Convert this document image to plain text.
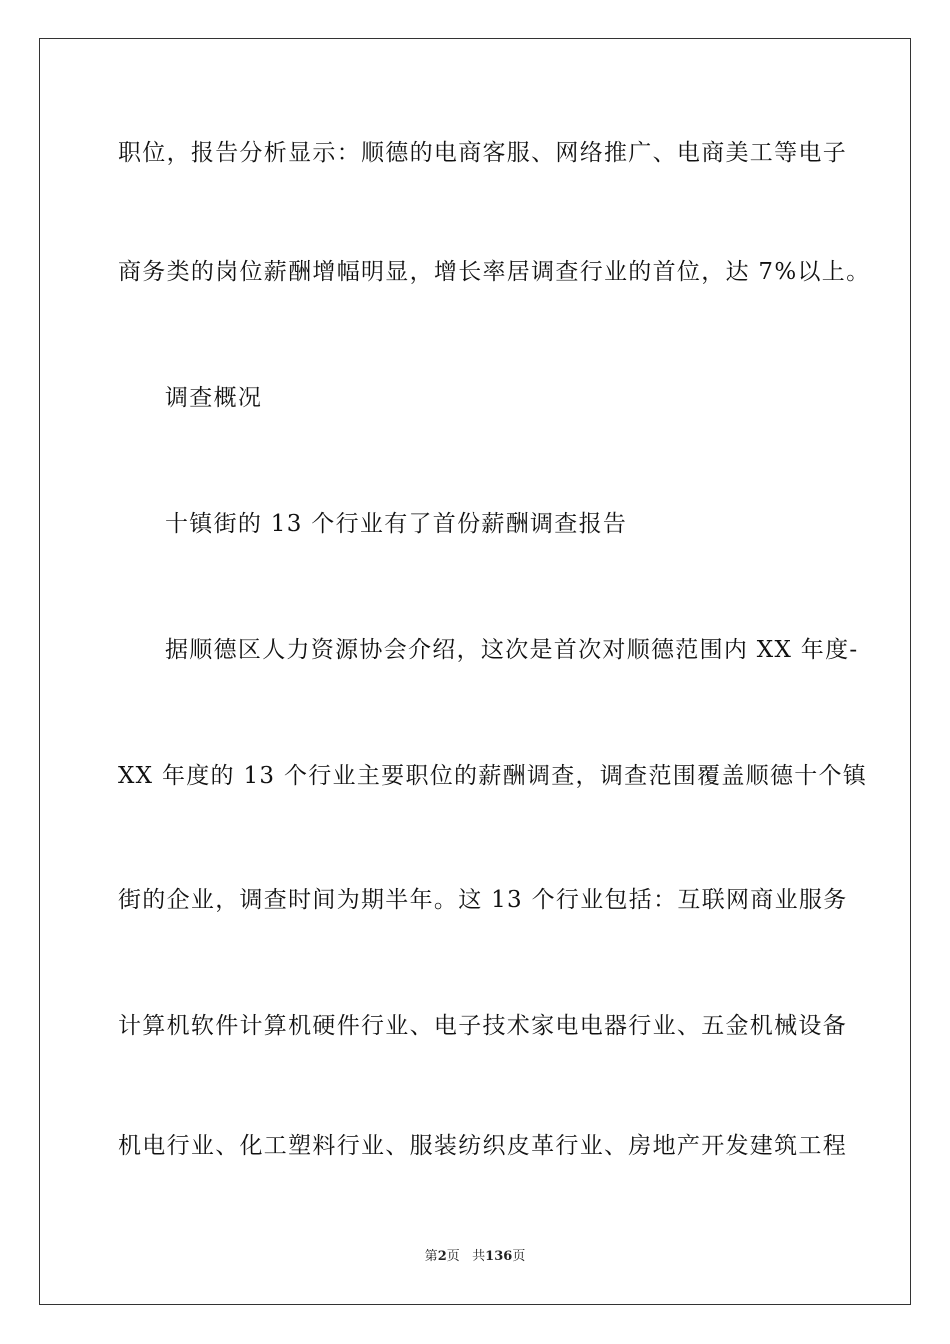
职位，报告分析显示：顺德的电商客服、网络推广、电商美工等电子
商务类的岗位薪酬增幅明显，增长率居调查行业的首位，达 7%以上。
调查概况
十镇街的 13 个行业有了首份薪酬调查报告
据顺德区人力资源协会介绍，这次是首次对顺德范围内 XX 年度-
XX 年度的 13 个行业主要职位的薪酬调查，调查范围覆盖顺德十个镇
街的企业，调查时间为期半年。这 13 个行业包括：互联网商业服务
计算机软件计算机硬件行业、电子技术家电电器行业、五金机械设备
机电行业、化工塑料行业、服装纺织皮革行业、房地产开发建筑工程
第2页 共136页
